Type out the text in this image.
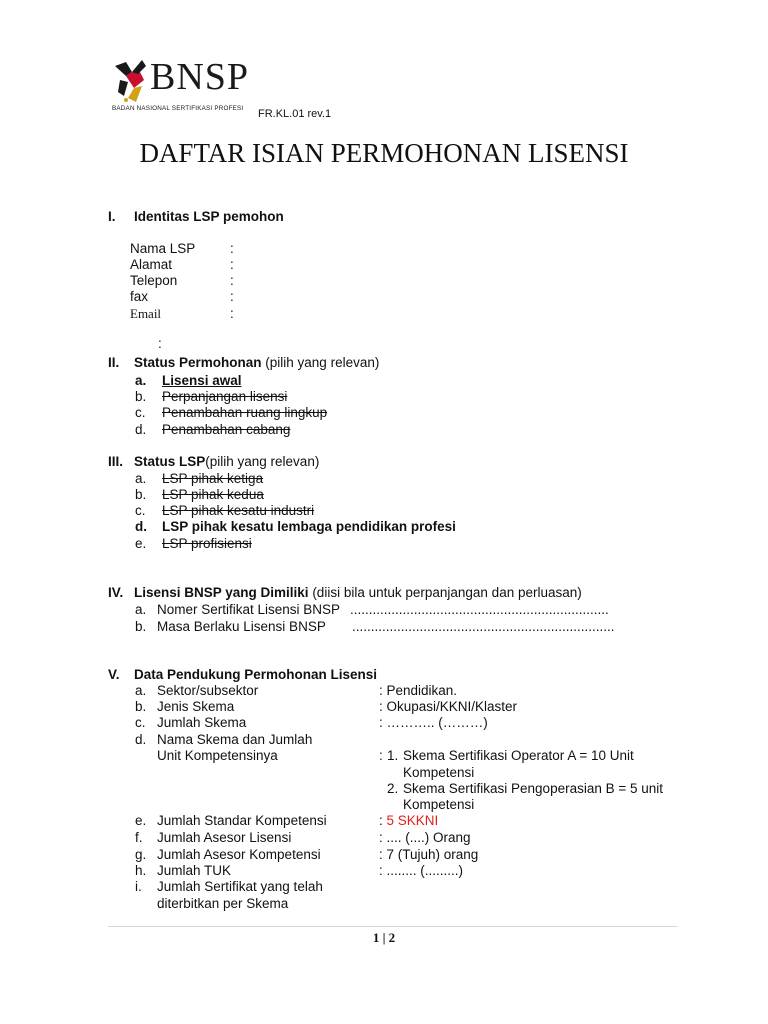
BNSP
BADAN NASIONAL SERTIFIKASI PROFESI FR.KL.01 rev.1
DAFTAR ISIAN PERMOHONAN LISENSI
I. Identitas LSP pemohon
Nama LSP	:
Alamat	:
Telepon	:
fax	:
Email	:
:
II. Status Permohonan (pilih yang relevan)
a. Lisensi awal
b. Perpanjangan lisensi
c. Penambahan ruang lingkup
d. Penambahan cabang
III. Status LSP(pilih yang relevan)
a. LSP pihak ketiga
b. LSP pihak kedua
c. LSP pihak kesatu industri
d. LSP pihak kesatu lembaga pendidikan profesi
e. LSP profisiensi
IV. Lisensi BNSP yang Dimiliki (diisi bila untuk perpanjangan dan perluasan)
a. Nomer Sertifikat Lisensi BNSP .....................................................................
b. Masa Berlaku Lisensi BNSP ......................................................................
V. Data Pendukung Permohonan Lisensi
a. Sektor/subsektor	: Pendidikan.
b. Jenis Skema	: Okupasi/KKNI/Klaster
c. Jumlah Skema	: ……….. (………)
d. Nama Skema dan Jumlah
Unit Kompetensinya	: 1. Skema Sertifikasi Operator A = 10 Unit
Kompetensi
2. Skema Sertifikasi Pengoperasian B = 5 unit
Kompetensi
e. Jumlah Standar Kompetensi	: 5 SKKNI
f. Jumlah Asesor Lisensi	: .... (....) Orang
g. Jumlah Asesor Kompetensi	: 7 (Tujuh) orang
h. Jumlah TUK	: ........ (.........)
i. Jumlah Sertifikat yang telah
diterbitkan per Skema
1 | 2
